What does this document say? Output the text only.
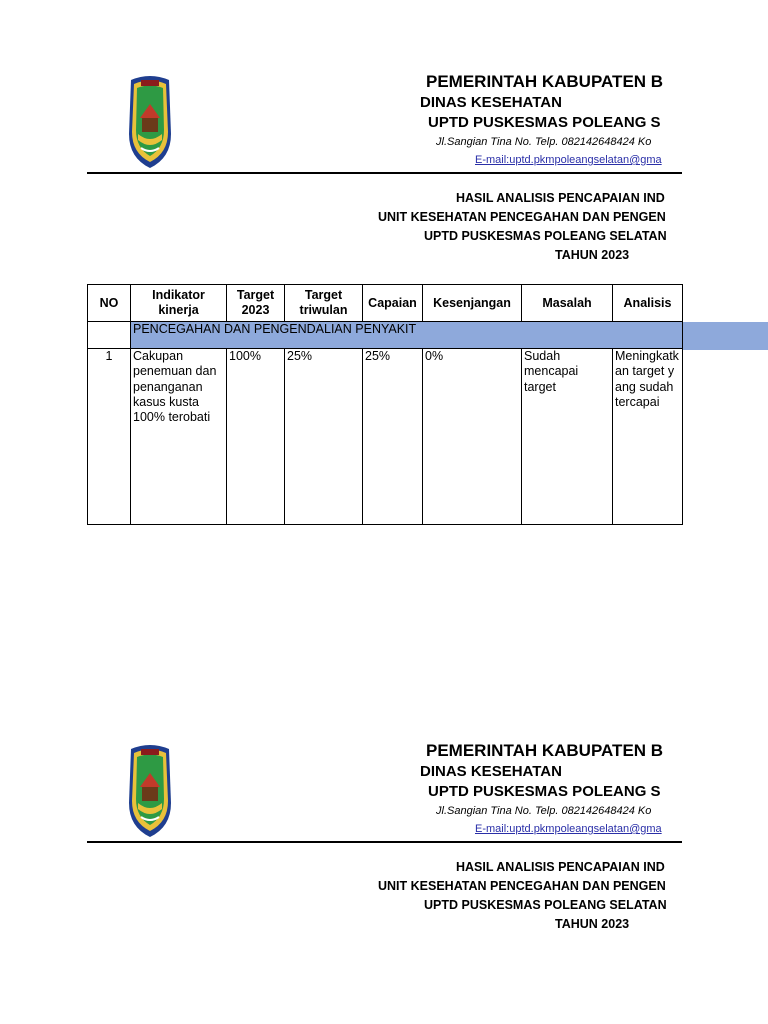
PEMERINTAH KABUPATEN B
DINAS KESEHATAN
UPTD PUSKESMAS POLEANG S
Jl.Sangian Tina No. Telp. 082142648424 Ko
E-mail:uptd.pkmpoleangselatan@gma
HASIL ANALISIS PENCAPAIAN IND
UNIT KESEHATAN PENCEGAHAN DAN PENGEN
UPTD PUSKESMAS POLEANG SELATAN
TAHUN 2023
NO	Indikator kinerja	Target 2023	Target triwulan	Capaian	Kesenjangan	Masalah	Analisis
	PENCEGAHAN DAN PENGENDALIAN PENYAKIT						
1	Cakupan penemuan dan penanganan kasus kusta 100% terobati	100%	25%	25%	0%	Sudah mencapai target	Meningkatkan target yang sudah tercapai
PEMERINTAH KABUPATEN B
DINAS KESEHATAN
UPTD PUSKESMAS POLEANG S
Jl.Sangian Tina No. Telp. 082142648424 Ko
E-mail:uptd.pkmpoleangselatan@gma
HASIL ANALISIS PENCAPAIAN IND
UNIT KESEHATAN PENCEGAHAN DAN PENGEN
UPTD PUSKESMAS POLEANG SELATAN
TAHUN 2023
